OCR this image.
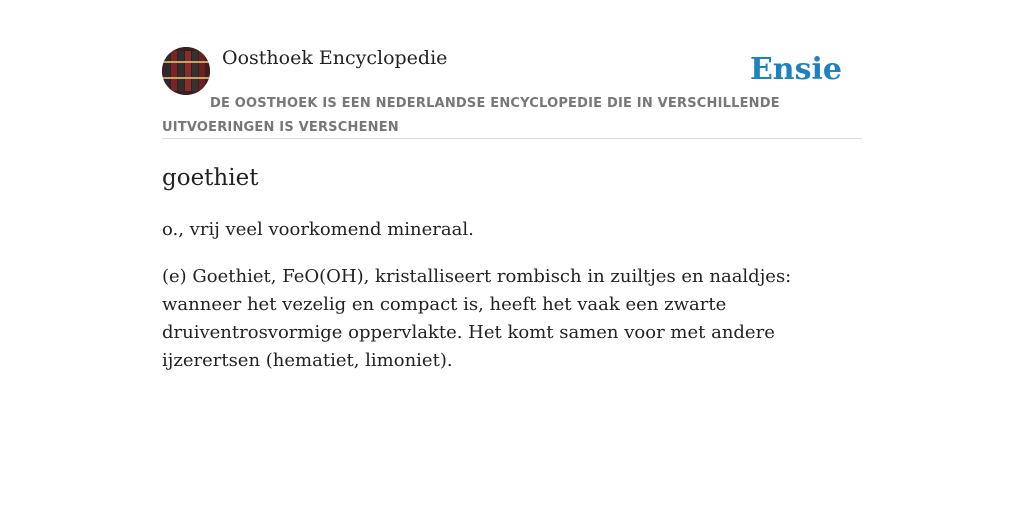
Oosthoek Encyclopedie	Ensie
DE OOSTHOEK IS EEN NEDERLANDSE ENCYCLOPEDIE DIE IN VERSCHILLENDE UITVOERINGEN IS VERSCHENEN
goethiet

o., vrij veel voorkomend mineraal.

(e) Goethiet, FeO(OH), kristalliseert rombisch in zuiltjes en naaldjes: wanneer het vezelig en compact is, heeft het vaak een zwarte druiventrosvormige oppervlakte. Het komt samen voor met andere ijzerertsen (hematiet, limoniet).
